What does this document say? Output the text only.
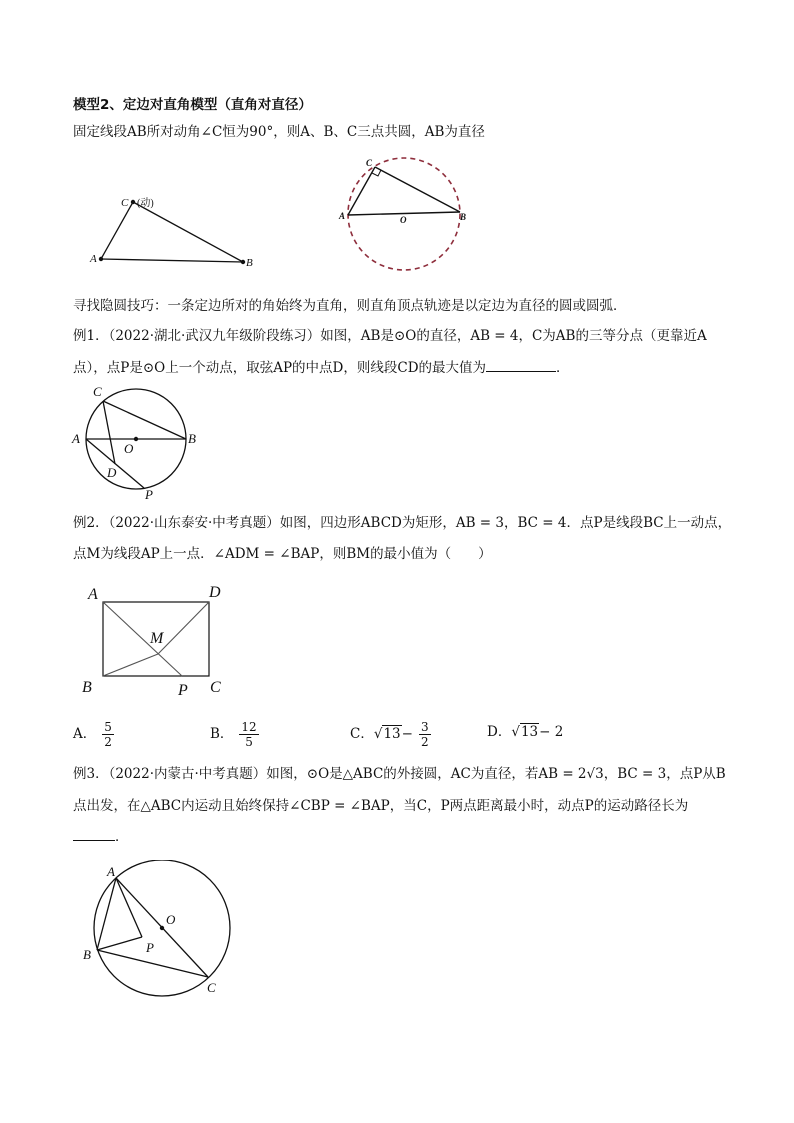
模型2、定边对直角模型（直角对直径）
固定线段AB所对动角∠C恒为90°，则A、B、C三点共圆，AB为直径
C (动)
A	B
C
A	O	B
寻找隐圆技巧：一条定边所对的角始终为直角，则直角顶点轨迹是以定边为直径的圆或圆弧．
例1．（2022·湖北·武汉九年级阶段练习）如图，AB是⊙O的直径，AB = 4，C为AB的三等分点（更靠近A
点），点P是⊙O上一个动点，取弦AP的中点D，则线段CD的最大值为	．
C
A
O
B
D
P
例2．（2022·山东泰安·中考真题）如图，四边形ABCD为矩形，AB = 3，BC = 4．点P是线段BC上一动点，
点M为线段AP上一点．∠ADM = ∠BAP，则BM的最小值为（　　）
A	D
M
B	P C
A． $\frac{5}{2}$	B． $\frac{12}{5}$	C．$√13- \frac{3}{2}$	D．√13− 2
例3．（2022·内蒙古·中考真题）如图，⊙O是△ABC的外接圆，AC为直径，若AB = 2√3，BC = 3，点P从B
点出发，在△ABC内运动且始终保持∠CBP = ∠BAP，当C，P两点距离最小时，动点P的运动路径长为
．
A
O
B	P
C
